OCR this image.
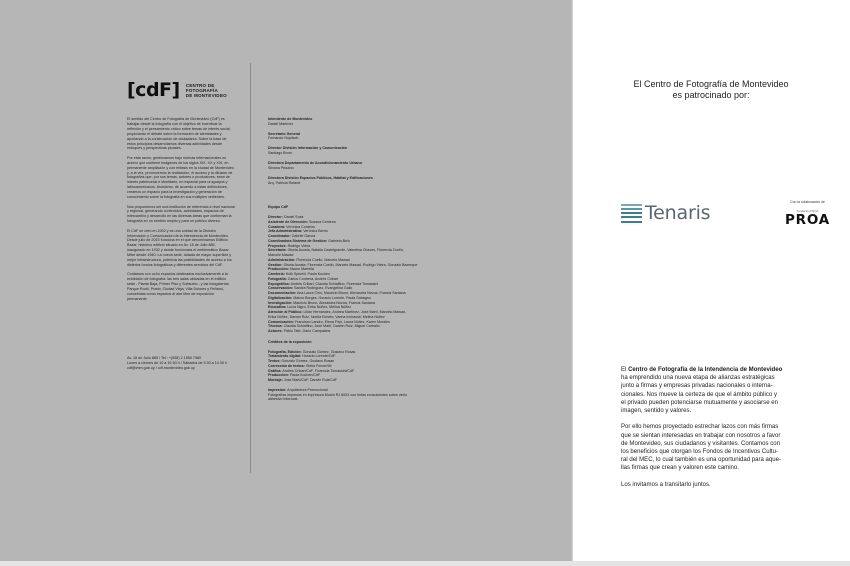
[cdF] CENTRO DE
FOTOGRAFÍA
DE MONTEVIDEO

El sentido del Centro de Fotografía de Montevideo (CdF) es trabajar desde la fotografía con el objetivo de incentivar la reflexión y el pensamiento crítico sobre temas de interés social, propiciando el debate sobre la formación de identidades y aportando a la construcción de ciudadanía. Sobre la base de estos principios desarrollamos diversas actividades desde enfoques y perspectivas plurales.

Por esta razón, gestionamos bajo normas internacionales un acervo que contiene imágenes de los siglos XIX, XX y XXI, en permanente ampliación y con énfasis en la ciudad de Montevideo y, a la vez, promovemos la realización, el acceso y la difusión de fotografías que, por sus temas, autores o productores, sean de interés patrimonial e identitario, en especial para uruguayos y latinoamericanos. Asimismo, de acuerdo a estas definiciones, creamos un espacio para la investigación y generación de conocimiento sobre la fotografía en sus múltiples vertientes.

Nos proponemos ser una institución de referencia a nivel nacional y regional, generando contenidos, actividades, espacios de intercambio y desarrollo en las diversas áreas que conforman la fotografía en un sentido amplio y para un público diverso.

El CdF se creó en 2002 y es una unidad de la División Información y Comunicación de la Intendencia de Montevideo. Desde julio de 2015 funciona en el que denominamos Edificio Bazar, histórico edificio situado en Av. 18 de Julio 885, inaugurado en 1932 y donde funcionara el emblemático Bazar Mitre desde 1940. La nueva sede, dotada de mayor superficie y mejor infraestructura, potencia las posibilidades de acceso a los distintos fondos fotográficos y diferentes servicios del CdF.

Contamos con ocho espacios destinados exclusivamente a la exhibición de fotografía: las tres salas ubicadas en el edificio sede - Planta Baja, Primer Piso y Subsuelo - y las fotogalerías Parque Rodó, Prado, Ciudad Vieja, Villa Dolores y Peñarol, concebidas como espacios al aire libre de exposición permanente.

Av. 18 de Julio 885 / Tel.: +(598) 2 1950 7960
Lunes a viernes de 10 a 19.30 h / Sábados de 9.30 a 14.30 h
cdf@imm.gub.uy / cdf.montevideo.gub.uy
Intendente de Montevideo
Daniel Martínez
Secretario General
Fernando Nopitsch
Director División Información y Comunicación
Santiago Brum
Directora Departamento de Acondicionamiento Urbano
Silvana Pissano
Directora División Espacios Públicos, Hábitat y Edificaciones
Arq. Patricia Roland
Equipo CdF
Director: Daniel Sosa
Asistente de Dirección: Susana Centeno
Curadora: Verónica Cordeiro
Jefa Administrativa: Verónica Berrio
Coordinador: Gabriel García
Coordinadora Sistema de Gestión: Gabriela Belo
Proyectos: Rodrigo Vieira
Secretaría: Gisela Acosta, Natalia Castelgrande, Valentina Chaves, Florencia Cuello,
Marcelo Mawad
Administración: Florencia Cuello, Marcelo Mawad
Gestión: Gisela Acosta, Florencia Cuello, Marcelo Mawad, Rodrigo Vieira, Gonzalo Bazerque
Producción: Mauro Martella
Caretería: Holk Spinelli, Paula Kochen
Fotografía: Carlos Contrera, Andrés Cribari
Expográfica: Andrés Cribari, Claudia Schiaffino, Florencia Tomassini
Conservación: Sandra Rodríguez, Evangelina Gallo
Documentación: Ana Laura Cirio, Mauricio Bruno, Alexandra Nóvoa, Francis Santana
Digitalización: Maicor Borges, Horacio Lorente, Paola Satragno
Investigación: Mauricio Bruno, Alexandra Nóvoa, Francis Santana
Educativa: Lucía Nigro, Erika Núñez, Melina Núñez
Atención al Público: Lilián Hernández, Andrea Martínez, José Martí, Marcelo Mawad,
Erika Núñez, Darwin Ruiz, Noelia Echeto, Varina Inchausti, Melina Núñez
Comunicación: Francisco Landro, Elena Firpi, Laura Núñez, Karen Morales
Técnica: Claudia Schiaffino, José Martí, Darwin Ruiz, Miguel Carballo
Actores: Pablo Tate, Darío Campalans
Créditos de la exposición
Fotografía, Edición: Gonzalo Gómez, Gustavo Rosas
Tratamiento digital: Horacio Lorente/CdF
Textos: Gonzalo Gómez, Gustavo Rosas
Corrección de textos: Stella Forner/IM
Gráfica: Andrés Cribari/CdF, Florencia Tomassini/CdF
Producción: Paula Kochen/CdF
Montaje: Jose Martí/CdF, Darwin Ruiz/CdF
Impresión: Arquitectura Promocional
Fotografías impresas en impresora Mutoh RJ 600X con tintas ecosolventes sobre vinilo
adhesivo Intercoat.
El Centro de Fotografía de Montevideo
es patrocinado por:
Tenaris	Con la colaboración de
Fundación PROA
PROA

El Centro de Fotografía de la Intendencia de Montevideo
ha emprendido una nueva etapa de alianzas estratégicas
junto a firmas y empresas privadas nacionales o interna-
cionales. Nos mueve la certeza de que el ámbito público y
el privado pueden potenciarse mutuamente y asociarse en
imagen, sentido y valores.

Por ello hemos proyectado estrechar lazos con más firmas
que se sientan interesadas en trabajar con nosotros a favor
de Montevideo, sus ciudadanos y visitantes. Contamos con
los beneficios que otorgan los Fondos de Incentivos Cultu-
ral del MEC, lo cual también es una oportunidad para aque-
llas firmas que crean y valoren este camino.

Los invitamos a transitarlo juntos.
